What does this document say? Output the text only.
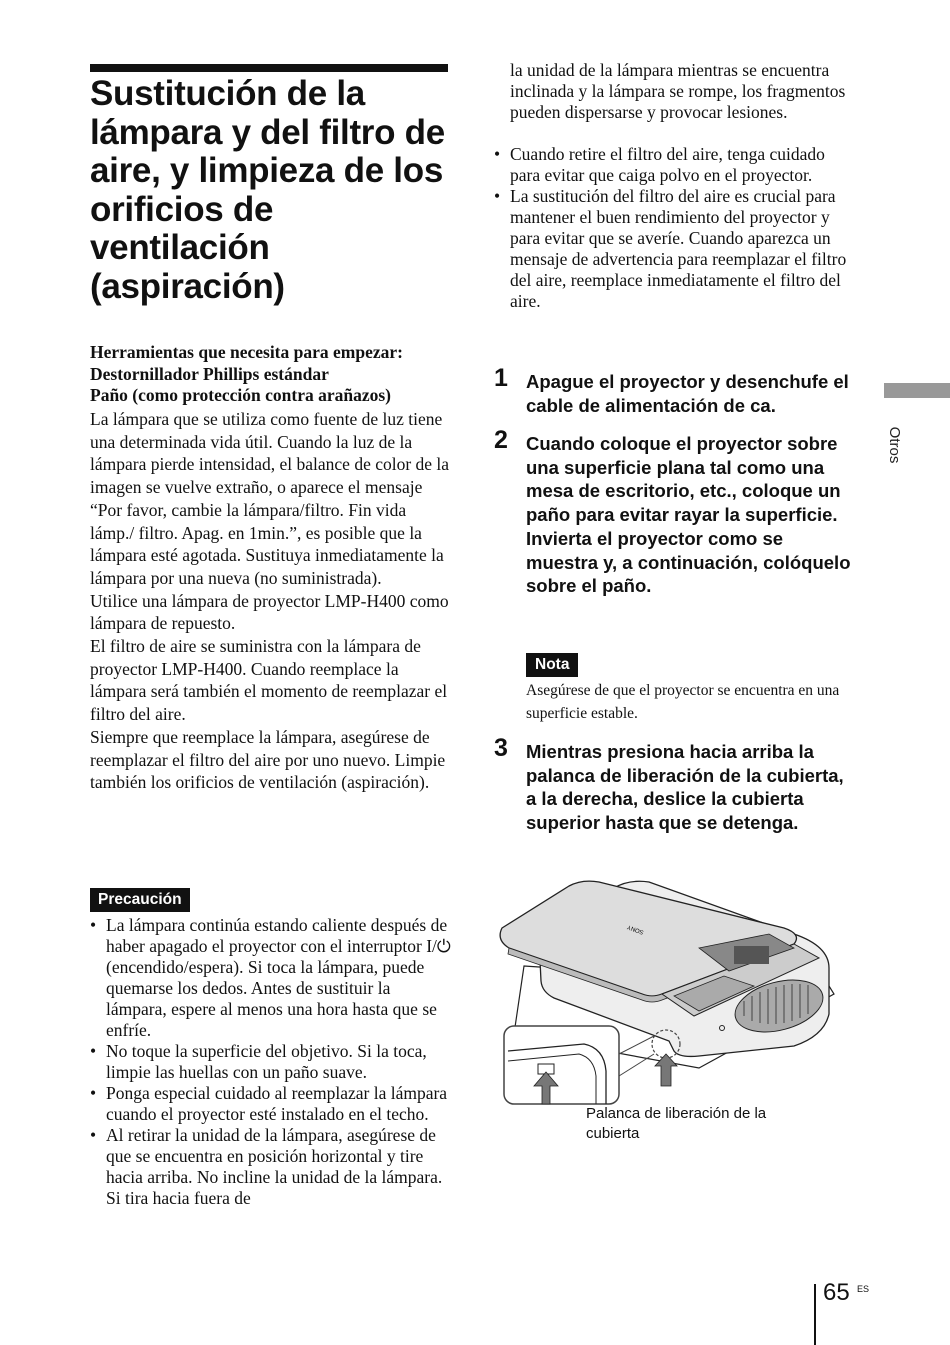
Sustitución de la lámpara y del filtro de aire, y limpieza de los orificios de ventilación (aspiración)
Herramientas que necesita para empezar:
Destornillador Phillips estándar
Paño (como protección contra arañazos)

La lámpara que se utiliza como fuente de luz tiene una determinada vida útil. Cuando la luz de la lámpara pierde intensidad, el balance de color de la imagen se vuelve extraño, o aparece el mensaje “Por favor, cambie la lámpara/filtro. Fin vida lámp./ filtro. Apag. en 1min.”, es posible que la lámpara esté agotada. Sustituya inmediatamente la lámpara por una nueva (no suministrada).

Utilice una lámpara de proyector LMP-H400 como lámpara de repuesto.

El filtro de aire se suministra con la lámpara de proyector LMP-H400. Cuando reemplace la lámpara será también el momento de reemplazar el filtro del aire.

Siempre que reemplace la lámpara, asegúrese de reemplazar el filtro del aire por uno nuevo. Limpie también los orificios de ventilación (aspiración).

Precaución
• La lámpara continúa estando caliente después de haber apagado el proyector con el interruptor I/⏻ (encendido/espera). Si toca la lámpara, puede quemarse los dedos. Antes de sustituir la lámpara, espere al menos una hora hasta que se enfríe.
• No toque la superficie del objetivo. Si la toca, limpie las huellas con un paño suave.
• Ponga especial cuidado al reemplazar la lámpara cuando el proyector esté instalado en el techo.
• Al retirar la unidad de la lámpara, asegúrese de que se encuentra en posición horizontal y tire hacia arriba. No incline la unidad de la lámpara. Si tira hacia fuera de
la unidad de la lámpara mientras se encuentra inclinada y la lámpara se rompe, los fragmentos pueden dispersarse y provocar lesiones.
• Cuando retire el filtro del aire, tenga cuidado para evitar que caiga polvo en el proyector.
• La sustitución del filtro del aire es crucial para mantener el buen rendimiento del proyector y para evitar que se averíe. Cuando aparezca un mensaje de advertencia para reemplazar el filtro del aire, reemplace inmediatamente el filtro del aire.
1 Apague el proyector y desenchufe el cable de alimentación de ca.
2 Cuando coloque el proyector sobre una superficie plana tal como una mesa de escritorio, etc., coloque un paño para evitar rayar la superficie. Invierta el proyector como se muestra y, a continuación, colóquelo sobre el paño.
Nota
Asegúrese de que el proyector se encuentra en una superficie estable.
3 Mientras presiona hacia arriba la palanca de liberación de la cubierta, a la derecha, deslice la cubierta superior hasta que se detenga.
SONY
Palanca de liberación de la cubierta
Otros
65 ES
